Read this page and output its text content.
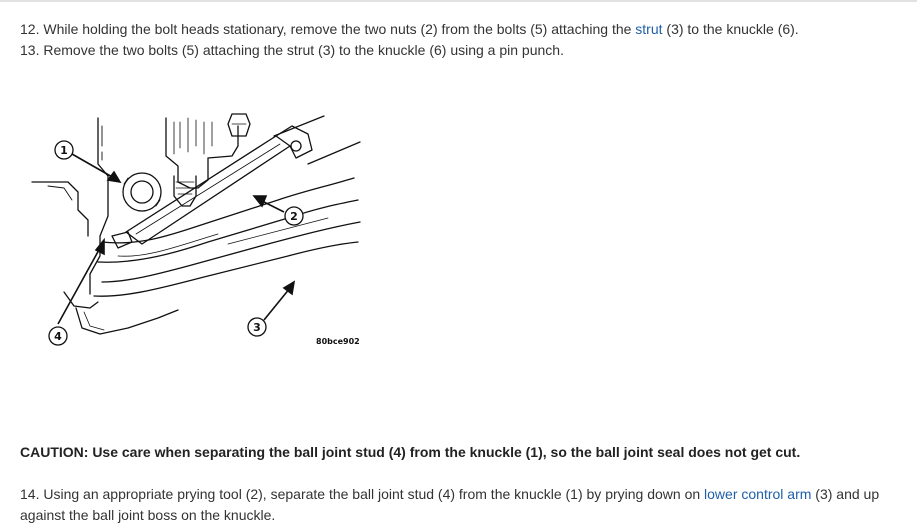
12. While holding the bolt heads stationary, remove the two nuts (2) from the bolts (5) attaching the strut (3) to the knuckle (6).
13. Remove the two bolts (5) attaching the strut (3) to the knuckle (6) using a pin punch.
1
2
3
4	80bce902
CAUTION: Use care when separating the ball joint stud (4) from the knuckle (1), so the ball joint seal does not get cut.
14. Using an appropriate prying tool (2), separate the ball joint stud (4) from the knuckle (1) by prying down on lower control arm (3) and up
against the ball joint boss on the knuckle.
